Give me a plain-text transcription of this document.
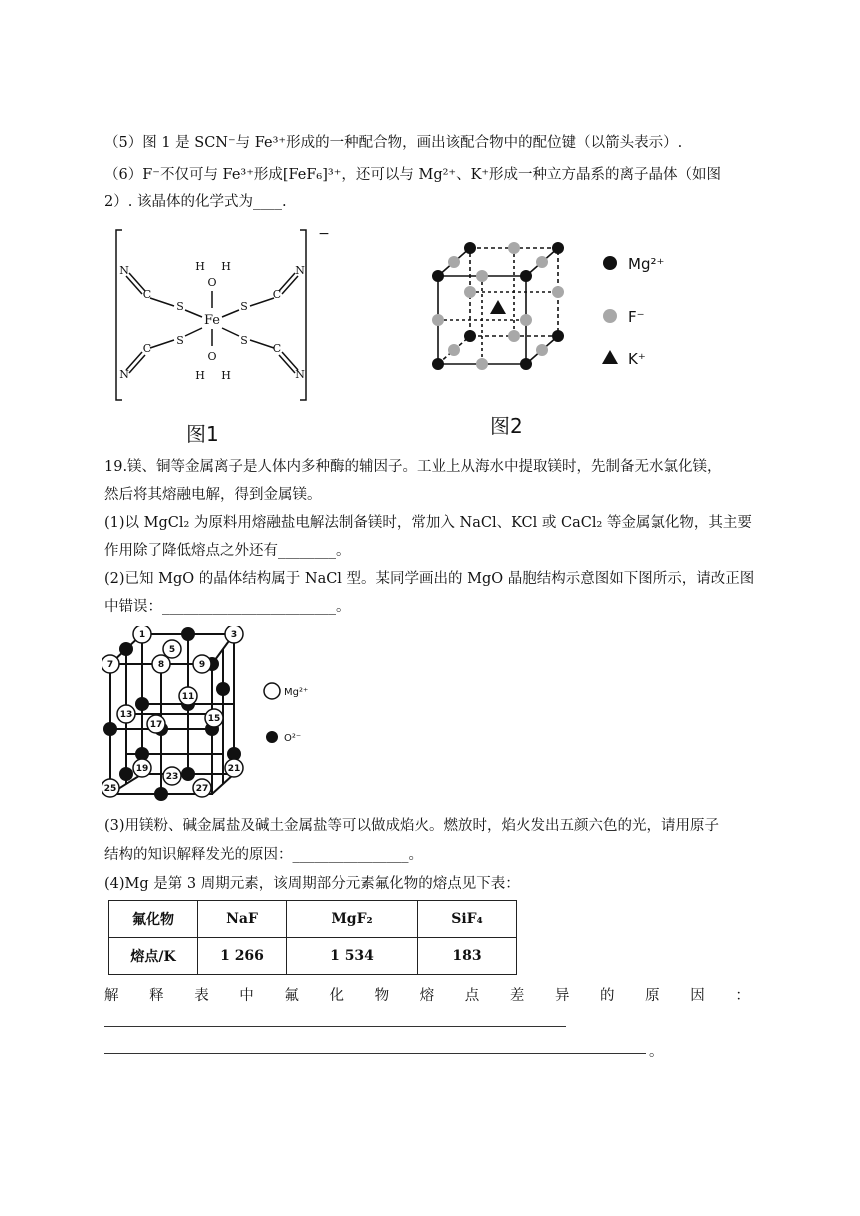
（5）图 1 是 SCN⁻与 Fe³⁺形成的一种配合物，画出该配合物中的配位键（以箭头表示）.
（6）F⁻不仅可与 Fe³⁺形成[FeF₆]³⁺，还可以与 Mg²⁺、K⁺形成一种立方晶系的离子晶体（如图
2）. 该晶体的化学式为____.
Fe
H H
O
O
H H
S	S
S	S
C	C
C	C
N	N
N	N
−
图1
Mg²⁺
F⁻
K⁺
图2
19.镁、铜等金属离子是人体内多种酶的辅因子。工业上从海水中提取镁时，先制备无水氯化镁，
然后将其熔融电解，得到金属镁。
(1)以 MgCl₂ 为原料用熔融盐电解法制备镁时，常加入 NaCl、KCl 或 CaCl₂ 等金属氯化物，其主要
作用除了降低熔点之外还有________。
(2)已知 MgO 的晶体结构属于 NaCl 型。某同学画出的 MgO 晶胞结构示意图如下图所示，请改正图
中错误：________________________。
1	3
5
7	8	9
11
13	15
17
19	21
23
25	27
Mg²⁺
O²⁻
(3)用镁粉、碱金属盐及碱土金属盐等可以做成焰火。燃放时，焰火发出五颜六色的光，请用原子
结构的知识解释发光的原因：________________。
(4)Mg 是第 3 周期元素，该周期部分元素氟化物的熔点见下表：
氟化物	NaF	MgF₂	SiF₄
熔点/K	1 266	1 534	183
解 释 表 中 氟 化 物 熔 点 差 异 的 原 因 ：
。
